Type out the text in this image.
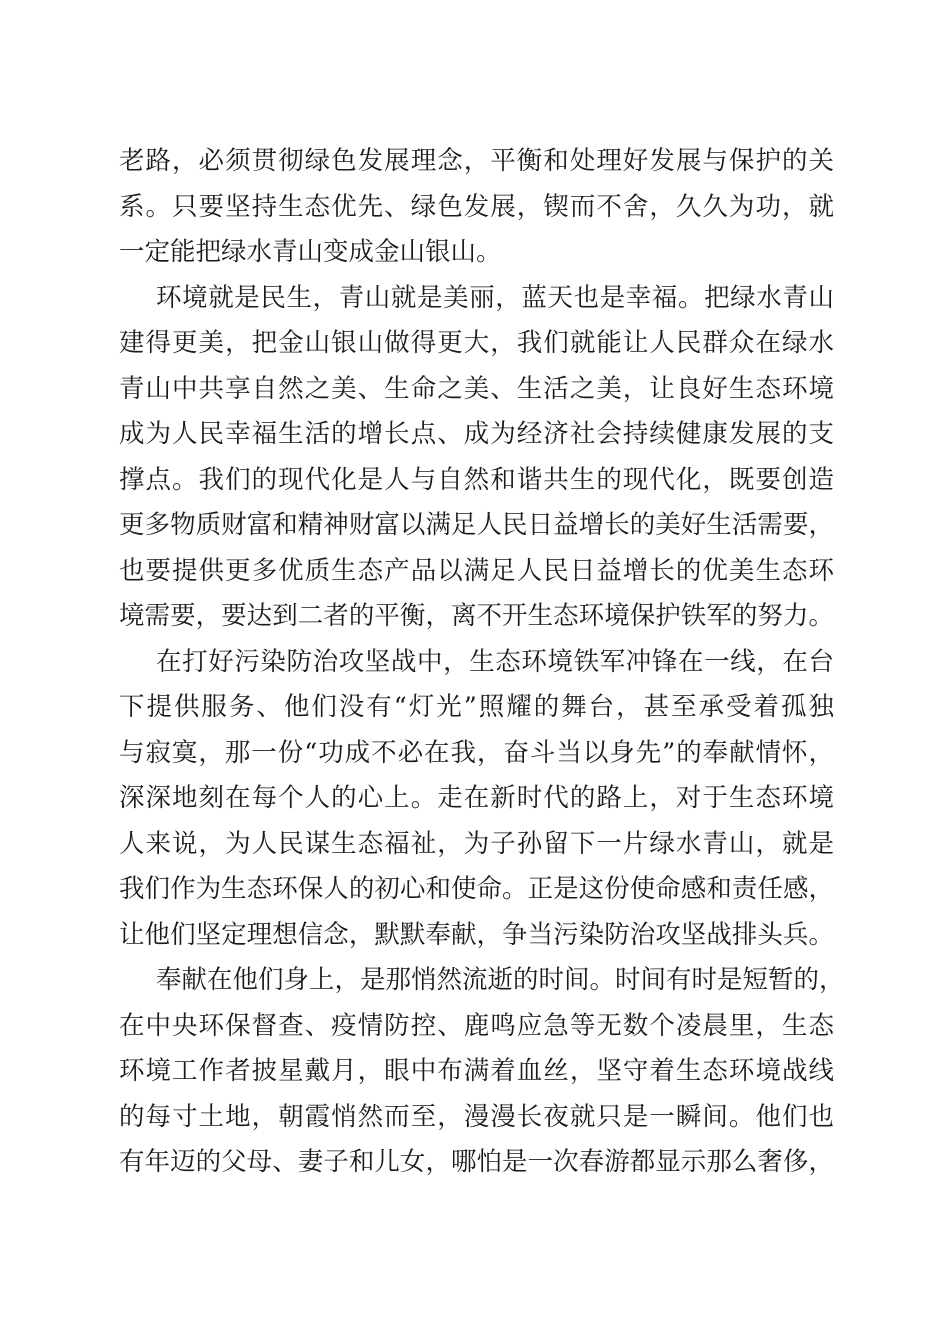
老路，必须贯彻绿色发展理念，平衡和处理好发展与保护的关
系。只要坚持生态优先、绿色发展，锲而不舍，久久为功，就
一定能把绿水青山变成金山银山。
环境就是民生，青山就是美丽，蓝天也是幸福。把绿水青山
建得更美，把金山银山做得更大，我们就能让人民群众在绿水
青山中共享自然之美、生命之美、生活之美，让良好生态环境
成为人民幸福生活的增长点、成为经济社会持续健康发展的支
撑点。我们的现代化是人与自然和谐共生的现代化，既要创造
更多物质财富和精神财富以满足人民日益增长的美好生活需要，
也要提供更多优质生态产品以满足人民日益增长的优美生态环
境需要，要达到二者的平衡，离不开生态环境保护铁军的努力。
在打好污染防治攻坚战中，生态环境铁军冲锋在一线，在台
下提供服务、他们没有“灯光”照耀的舞台，甚至承受着孤独
与寂寞，那一份“功成不必在我，奋斗当以身先”的奉献情怀，
深深地刻在每个人的心上。走在新时代的路上，对于生态环境
人来说，为人民谋生态福祉，为子孙留下一片绿水青山，就是
我们作为生态环保人的初心和使命。正是这份使命感和责任感，
让他们坚定理想信念，默默奉献，争当污染防治攻坚战排头兵。
奉献在他们身上，是那悄然流逝的时间。时间有时是短暂的，
在中央环保督查、疫情防控、鹿鸣应急等无数个凌晨里，生态
环境工作者披星戴月，眼中布满着血丝，坚守着生态环境战线
的每寸土地，朝霞悄然而至，漫漫长夜就只是一瞬间。他们也
有年迈的父母、妻子和儿女，哪怕是一次春游都显示那么奢侈，
